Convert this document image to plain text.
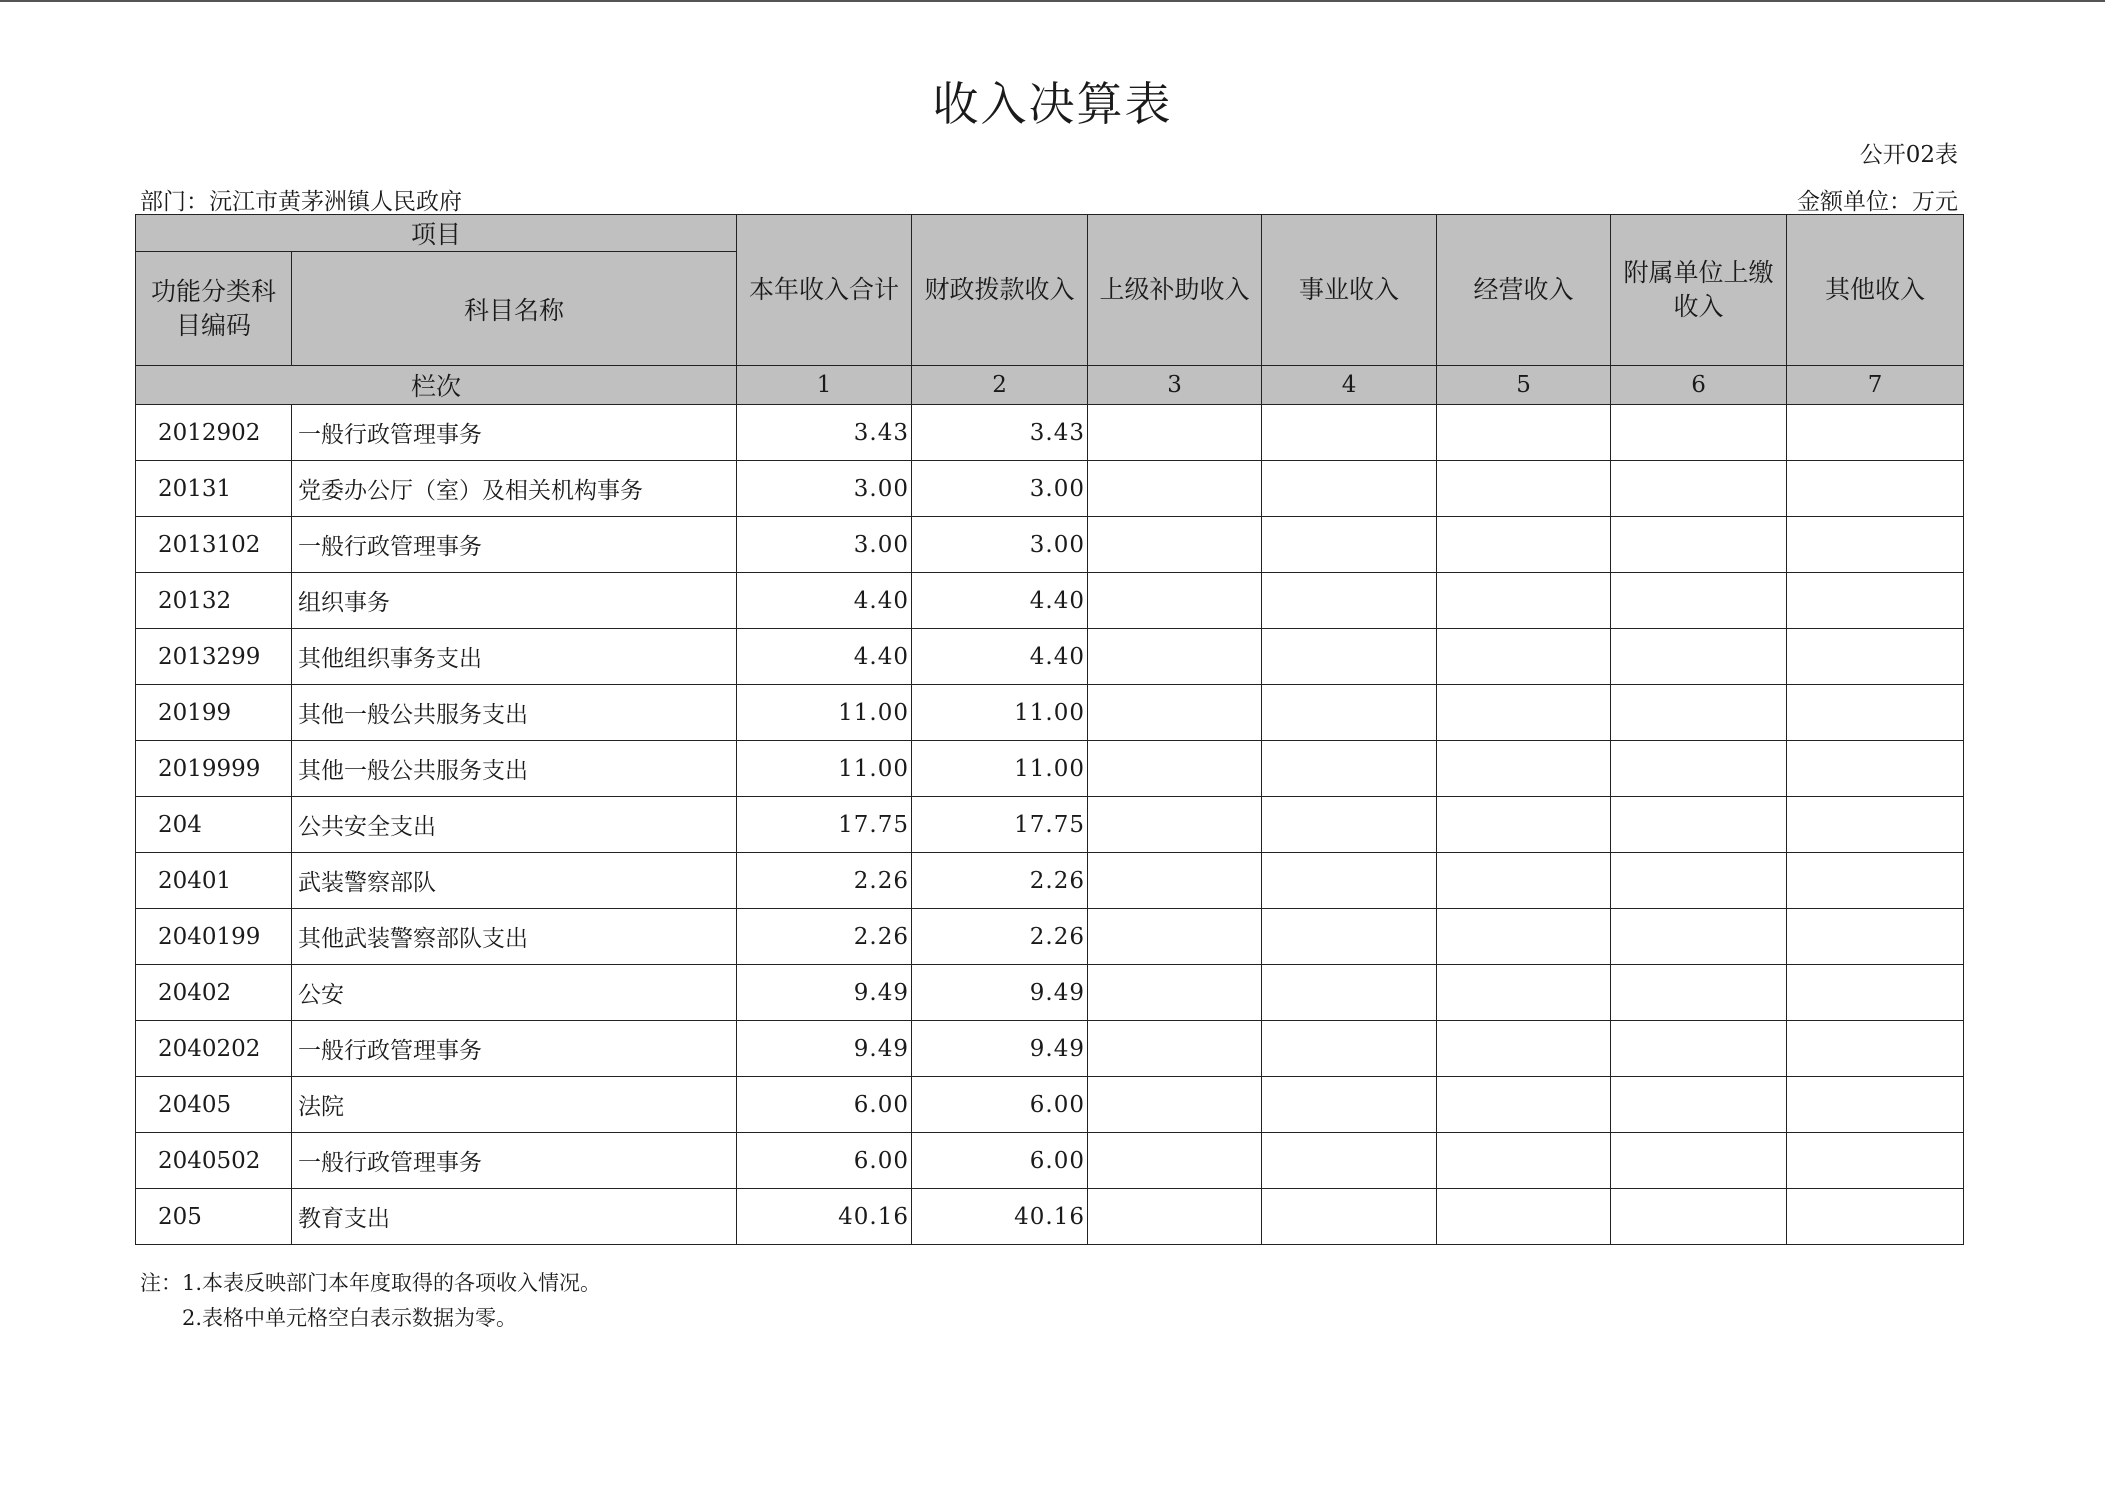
收入决算表
公开02表
部门：沅江市黄茅洲镇人民政府	金额单位：万元
项目		本年收入合计	财政拨款收入	上级补助收入	事业收入	经营收入	附属单位上缴收入	其他收入
功能分类科目编码	科目名称							
栏次		1	2	3	4	5	6	7
2012902	一般行政管理事务	3.43	3.43					
20131	党委办公厅（室）及相关机构事务	3.00	3.00					
2013102	一般行政管理事务	3.00	3.00					
20132	组织事务	4.40	4.40					
2013299	其他组织事务支出	4.40	4.40					
20199	其他一般公共服务支出	11.00	11.00					
2019999	其他一般公共服务支出	11.00	11.00					
204	公共安全支出	17.75	17.75					
20401	武装警察部队	2.26	2.26					
2040199	其他武装警察部队支出	2.26	2.26					
20402	公安	9.49	9.49					
2040202	一般行政管理事务	9.49	9.49					
20405	法院	6.00	6.00					
2040502	一般行政管理事务	6.00	6.00					
205	教育支出	40.16	40.16					
注：1.本表反映部门本年度取得的各项收入情况。
2.表格中单元格空白表示数据为零。
